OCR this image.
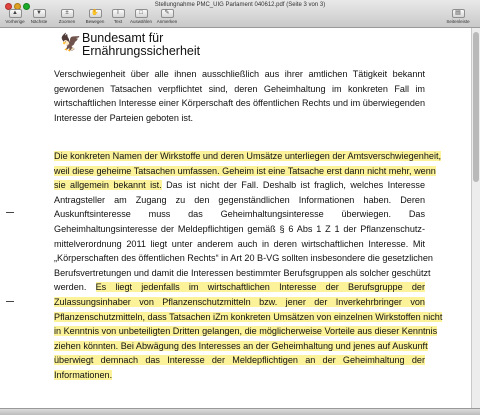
Stellungnahme PMC_UIG Parlament 040612.pdf (Seite 3 von 3)
▲
Vorherige
▼
Nächste
±
Zoomen
✋
Bewegen
I
Text
□
Auswählen
✎
Anmerken
▤
Seitenleiste
🦅 Bundesamt für
Ernährungssicherheit
Verschwiegenheit über alle ihnen ausschließlich aus ihrer amtlichen Tätigkeit bekannt
gewordenen Tatsachen verpflichtet sind, deren Geheimhaltung im konkreten Fall im
wirtschaftlichen Interesse einer Körperschaft des öffentlichen Rechts und im überwiegenden
Interesse der Parteien geboten ist.
Die konkreten Namen der Wirkstoffe und deren Umsätze unterliegen der Amtsverschwiegenheit,
weil diese geheime Tatsachen umfassen. Geheim ist eine Tatsache erst dann nicht mehr, wenn
sie allgemein bekannt ist. Das ist nicht der Fall. Deshalb ist fraglich, welches Interesse
Antragsteller am Zugang zu den gegenständlichen Informationen haben. Deren
Auskunftsinteresse muss das Geheimhaltungsinteresse überwiegen. Das
Geheimhaltungsinteresse der Meldepflichtigen gemäß § 6 Abs 1 Z 1 der Pflanzenschutz-
mittelverordnung 2011 liegt unter anderem auch in deren wirtschaftlichen Interesse. Mit
„Körperschaften des öffentlichen Rechts“ in Art 20 B-VG sollten insbesondere die gesetzlichen
Berufsvertretungen und damit die Interessen bestimmter Berufsgruppen als solcher geschützt
werden. Es liegt jedenfalls im wirtschaftlichen Interesse der Berufsgruppe der
Zulassungsinhaber von Pflanzenschutzmitteln bzw. jener der Inverkehrbringer von
Pflanzenschutzmitteln, dass Tatsachen iZm konkreten Umsätzen von einzelnen Wirkstoffen nicht
in Kenntnis von unbeteiligten Dritten gelangen, die möglicherweise Vorteile aus dieser Kenntnis
ziehen könnten. Bei Abwägung des Interesses an der Geheimhaltung und jenes auf Auskunft
überwiegt demnach das Interesse der Meldepflichtigen an der Geheimhaltung der
Informationen.
